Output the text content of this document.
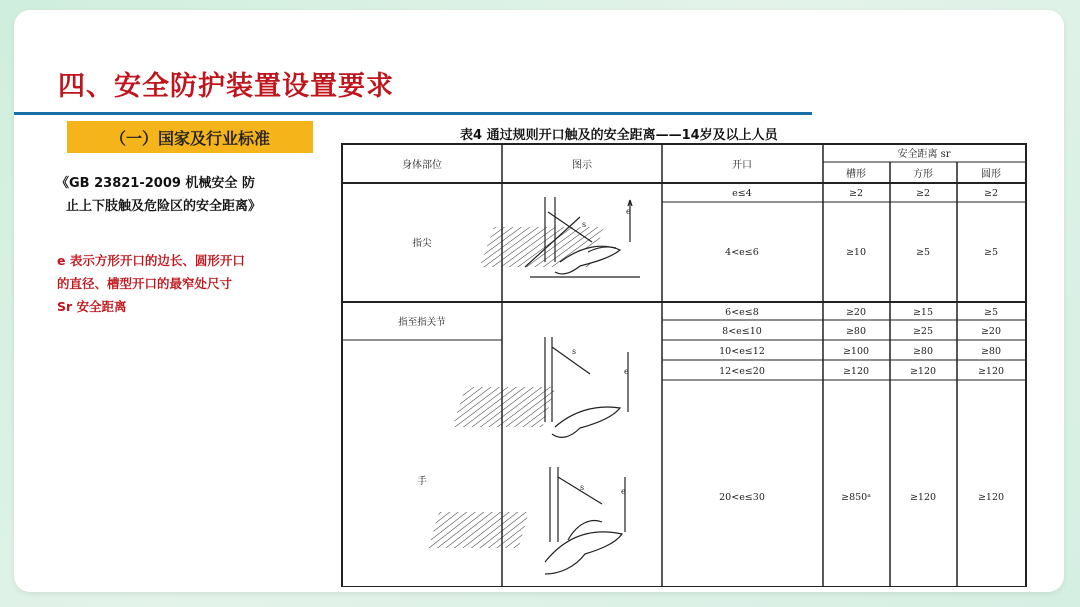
四、安全防护装置设置要求
（一）国家及行业标准
《GB 23821-2009 机械安全 防
止上下肢触及危险区的安全距离》
e 表示方形开口的边长、圆形开口
的直径、槽型开口的最窄处尺寸
Sr 安全距离
表4 通过规则开口触及的安全距离——14岁及以上人员
身体部位	图示	开口
安全距离 sr
槽形	方形	圆形
指尖
指至指关节
手
e≤4	≥2	≥2	≥2
4<e≤6	≥10	≥5	≥5
6<e≤8	≥20	≥15	≥5
8<e≤10	≥80	≥25	≥20
10<e≤12	≥100	≥80	≥80
12<e≤20	≥120	≥120	≥120
20<e≤30	≥850ᵃ	≥120	≥120
s
e
s
e
s	e
